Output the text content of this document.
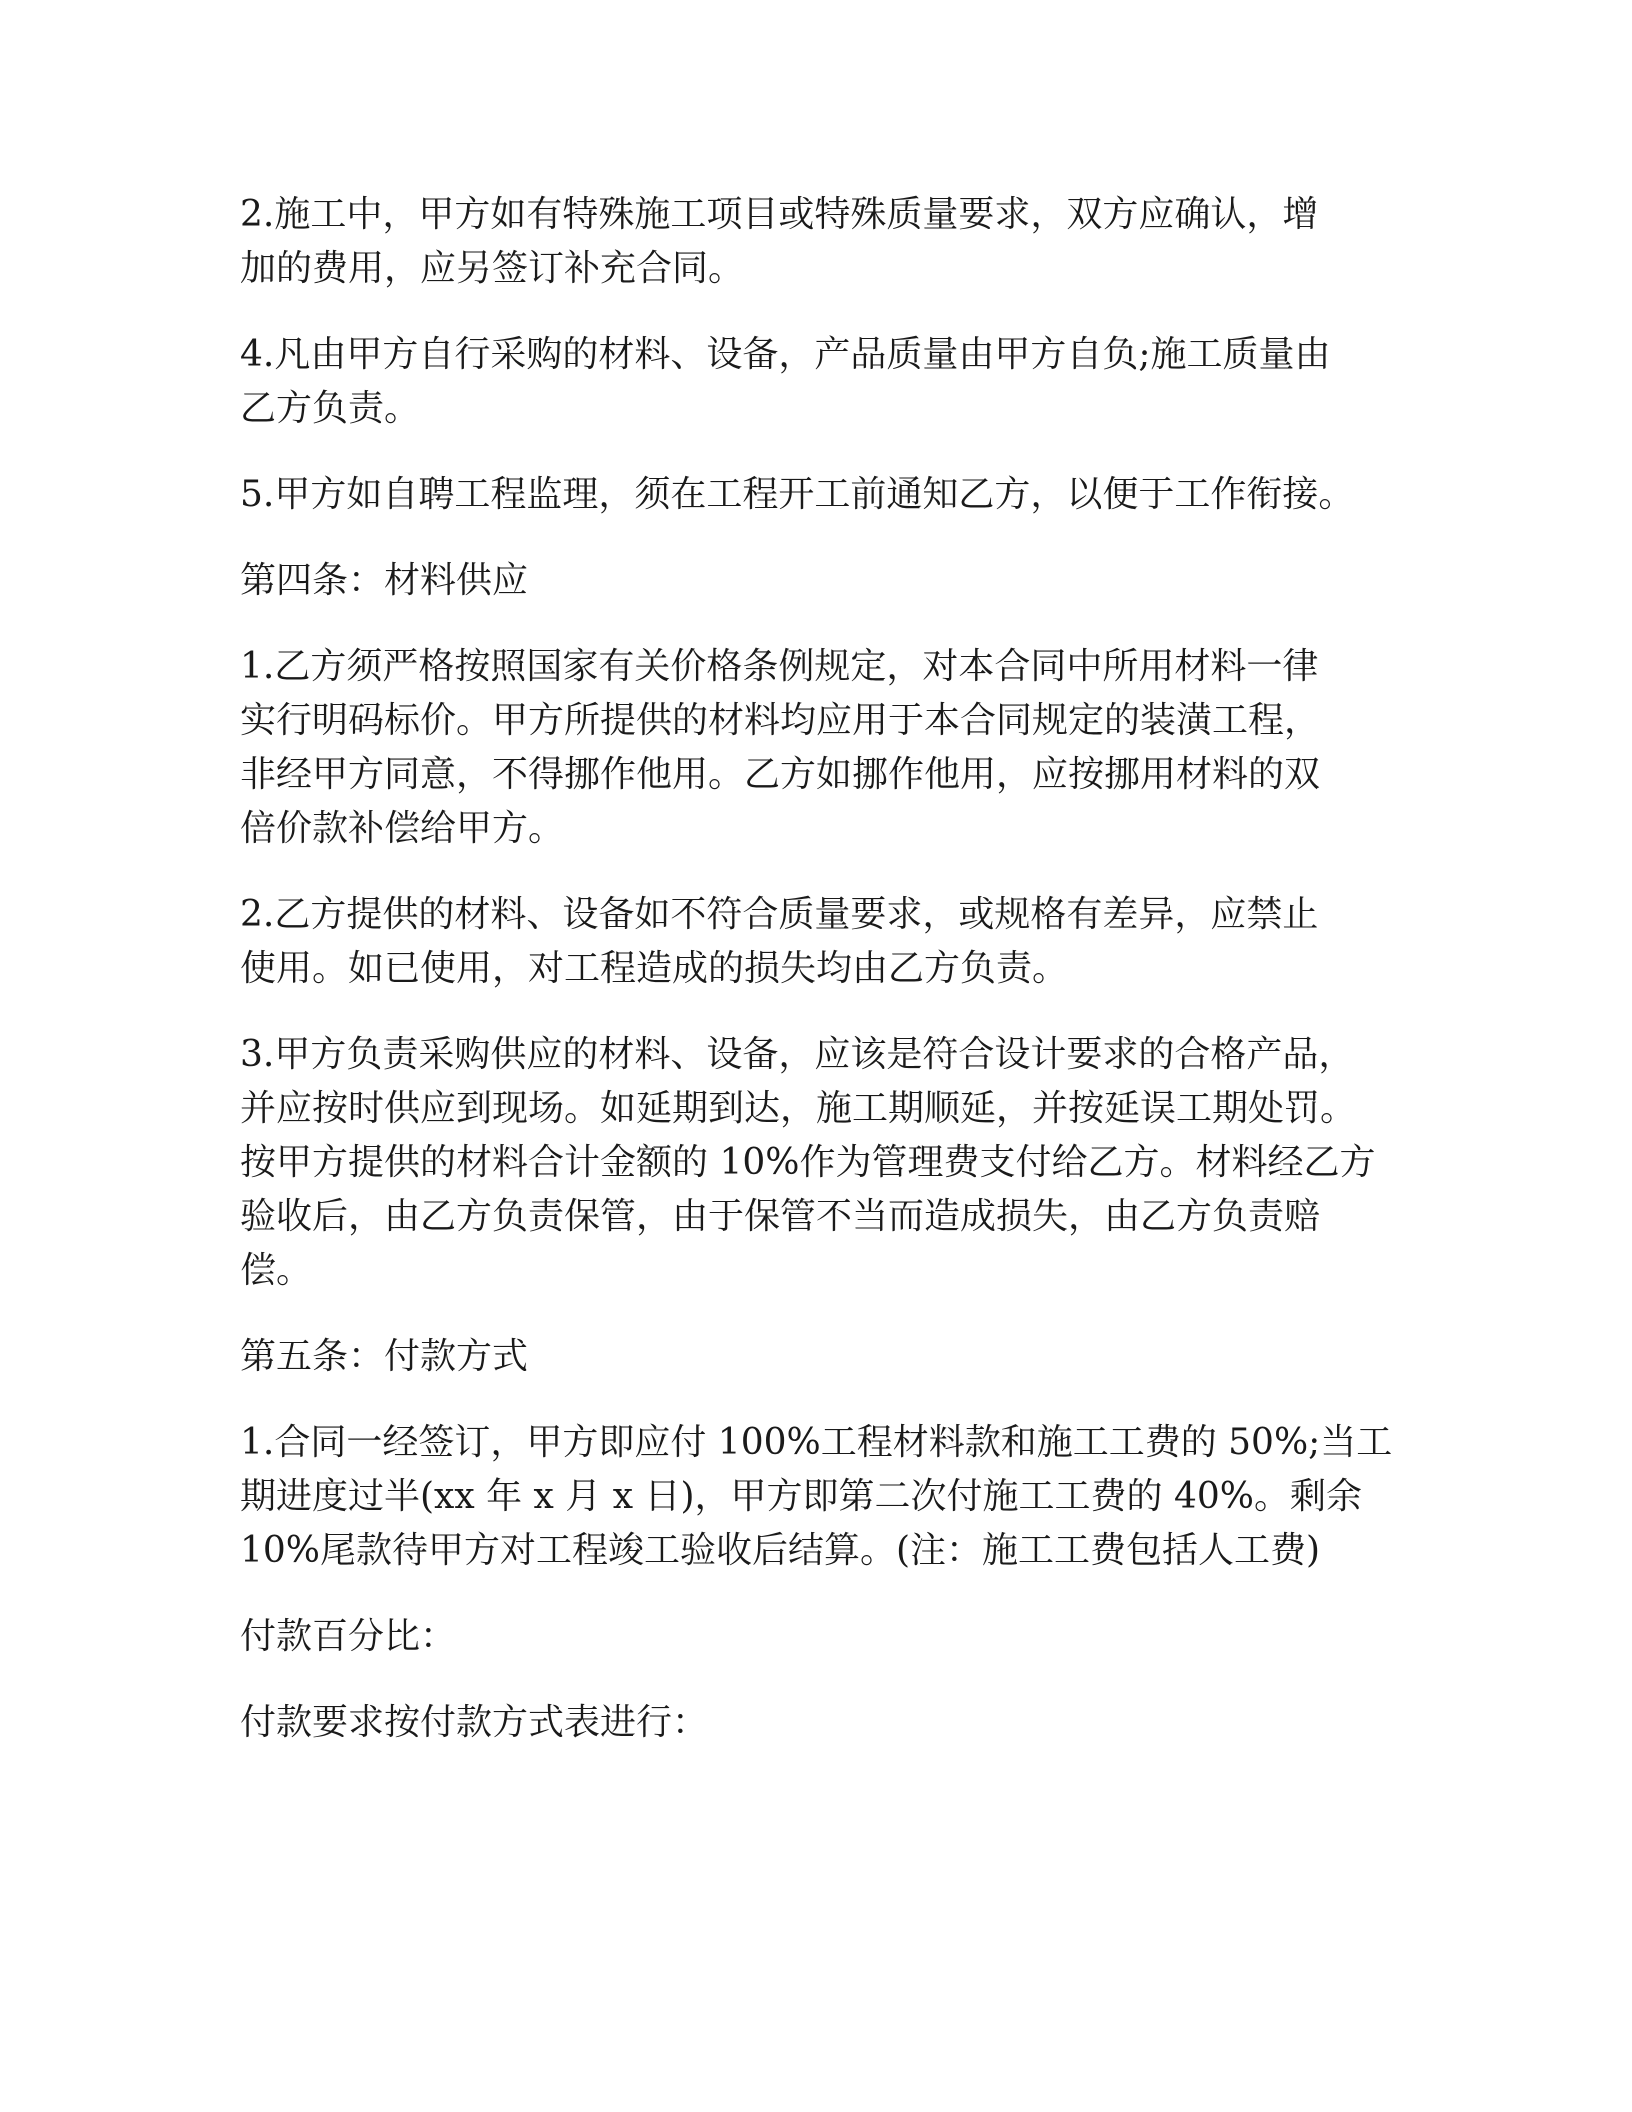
2.施工中，甲方如有特殊施工项目或特殊质量要求，双方应确认，增
加的费用，应另签订补充合同。

4.凡由甲方自行采购的材料、设备，产品质量由甲方自负;施工质量由
乙方负责。

5.甲方如自聘工程监理，须在工程开工前通知乙方，以便于工作衔接。

第四条：材料供应

1.乙方须严格按照国家有关价格条例规定，对本合同中所用材料一律
实行明码标价。甲方所提供的材料均应用于本合同规定的装潢工程，
非经甲方同意，不得挪作他用。乙方如挪作他用，应按挪用材料的双
倍价款补偿给甲方。

2.乙方提供的材料、设备如不符合质量要求，或规格有差异，应禁止
使用。如已使用，对工程造成的损失均由乙方负责。

3.甲方负责采购供应的材料、设备，应该是符合设计要求的合格产品，
并应按时供应到现场。如延期到达，施工期顺延，并按延误工期处罚。
按甲方提供的材料合计金额的 10%作为管理费支付给乙方。材料经乙方
验收后，由乙方负责保管，由于保管不当而造成损失，由乙方负责赔
偿。

第五条：付款方式

1.合同一经签订，甲方即应付 100%工程材料款和施工工费的 50%;当工
期进度过半(xx 年 x 月 x 日)，甲方即第二次付施工工费的 40%。剩余
10%尾款待甲方对工程竣工验收后结算。(注：施工工费包括人工费)

付款百分比：

付款要求按付款方式表进行：
